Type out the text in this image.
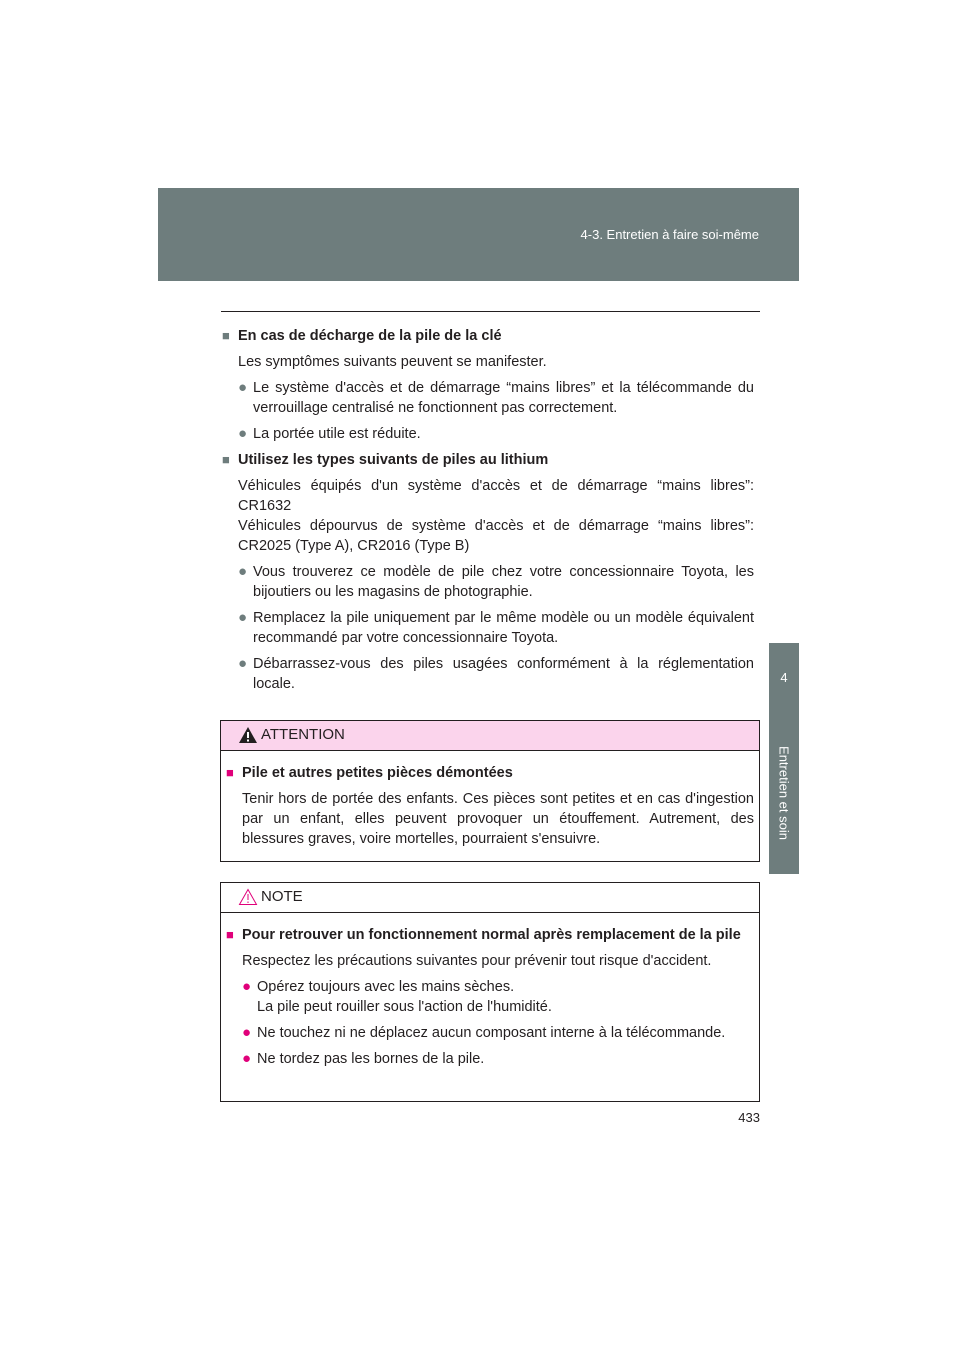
4-3. Entretien à faire soi-même
4
Entretien et soin
■ En cas de décharge de la pile de la clé
Les symptômes suivants peuvent se manifester.
● Le système d'accès et de démarrage “mains libres” et la télécommande du verrouillage centralisé ne fonctionnent pas correctement.
● La portée utile est réduite.
■ Utilisez les types suivants de piles au lithium
Véhicules équipés d'un système d'accès et de démarrage “mains libres”:
CR1632
Véhicules dépourvus de système d'accès et de démarrage “mains libres”:
CR2025 (Type A), CR2016 (Type B)
● Vous trouverez ce modèle de pile chez votre concessionnaire Toyota, les bijoutiers ou les magasins de photographie.
● Remplacez la pile uniquement par le même modèle ou un modèle équivalent recommandé par votre concessionnaire Toyota.
● Débarrassez-vous des piles usagées conformément à la réglementation locale.
ATTENTION
■ Pile et autres petites pièces démontées
Tenir hors de portée des enfants. Ces pièces sont petites et en cas d'ingestion par un enfant, elles peuvent provoquer un étouffement. Autrement, des blessures graves, voire mortelles, pourraient s'ensuivre.
NOTE
■ Pour retrouver un fonctionnement normal après remplacement de la pile
Respectez les précautions suivantes pour prévenir tout risque d'accident.
● Opérez toujours avec les mains sèches.
La pile peut rouiller sous l'action de l'humidité.
● Ne touchez ni ne déplacez aucun composant interne à la télécommande.
● Ne tordez pas les bornes de la pile.
433
